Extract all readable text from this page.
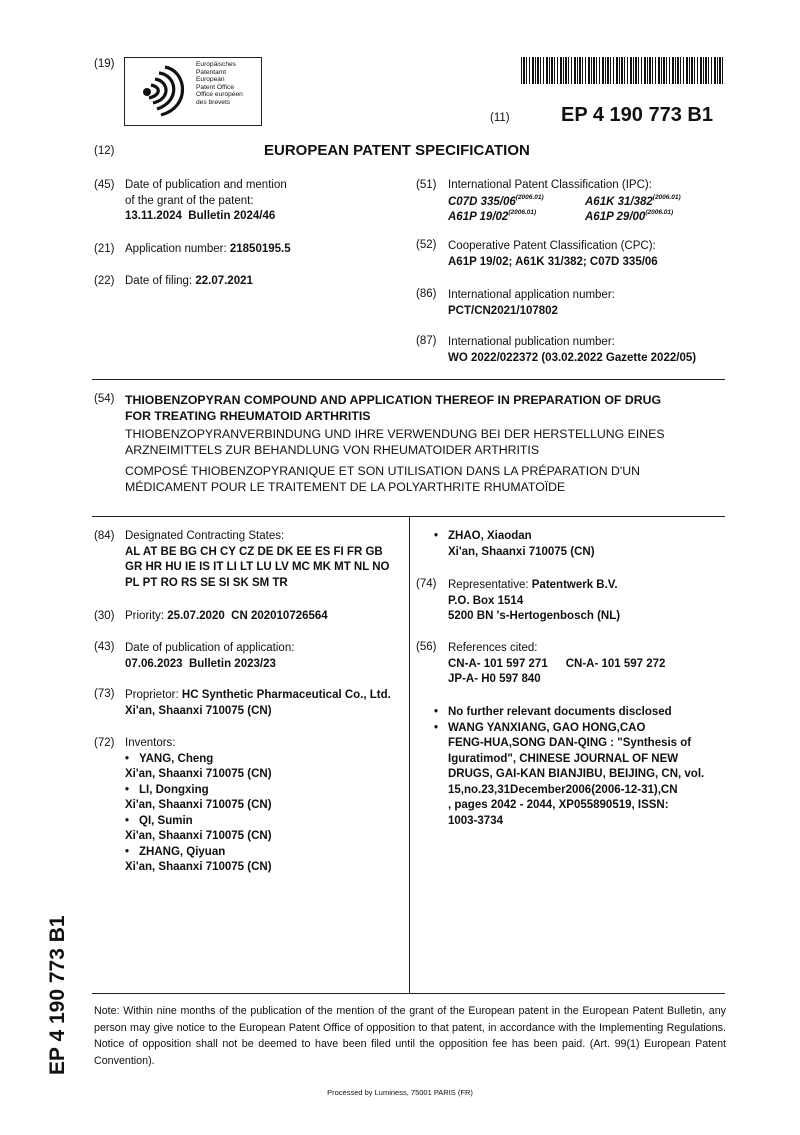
(19)	Europäisches
Patentamt
European
Patent Office
Office européen
des brevets
(11)	EP 4 190 773 B1
(12)	EUROPEAN PATENT SPECIFICATION
(45) Date of publication and mention
of the grant of the patent:
13.11.2024  Bulletin 2024/46
(21) Application number: 21850195.5
(22) Date of filing: 22.07.2021
(51) International Patent Classification (IPC):
C07D $335/06^{(2006.01)}$	A61K $31/382^{(2006.01)}$
A61P $19/02^{(2006.01)}$	A61P $29/00^{(2006.01)}$
(52) Cooperative Patent Classification (CPC):
A61P 19/02; A61K 31/382; C07D 335/06
(86) International application number:
PCT/CN2021/107802
(87) International publication number:
WO 2022/022372 (03.02.2022 Gazette 2022/05)
(54) THIOBENZOPYRAN COMPOUND AND APPLICATION THEREOF IN PREPARATION OF DRUG
FOR TREATING RHEUMATOID ARTHRITIS
THIOBENZOPYRANVERBINDUNG UND IHRE VERWENDUNG BEI DER HERSTELLUNG EINES
ARZNEIMITTELS ZUR BEHANDLUNG VON RHEUMATOIDER ARTHRITIS
COMPOSÉ THIOBENZOPYRANIQUE ET SON UTILISATION DANS LA PRÉPARATION D'UN
MÉDICAMENT POUR LE TRAITEMENT DE LA POLYARTHRITE RHUMATOÏDE
(84) Designated Contracting States:
AL AT BE BG CH CY CZ DE DK EE ES FI FR GB
GR HR HU IE IS IT LI LT LU LV MC MK MT NL NO
PL PT RO RS SE SI SK SM TR
(30) Priority: 25.07.2020  CN 202010726564
(43) Date of publication of application:
07.06.2023  Bulletin 2023/23
(73) Proprietor: HC Synthetic Pharmaceutical Co., Ltd.
Xi'an, Shaanxi 710075 (CN)
(72) Inventors:
• YANG, Cheng
Xi'an, Shaanxi 710075 (CN)
• LI, Dongxing
Xi'an, Shaanxi 710075 (CN)
• QI, Sumin
Xi'an, Shaanxi 710075 (CN)
• ZHANG, Qiyuan
Xi'an, Shaanxi 710075 (CN)
• ZHAO, Xiaodan
Xi'an, Shaanxi 710075 (CN)
(74) Representative: Patentwerk B.V.
P.O. Box 1514
5200 BN 's-Hertogenbosch (NL)
(56) References cited:
CN-A- 101 597 271 CN-A- 101 597 272
JP-A- H0 597 840
• No further relevant documents disclosed
• WANG YANXIANG, GAO HONG,CAO
FENG-HUA,SONG DAN-QING : "Synthesis of
Iguratimod", CHINESE JOURNAL OF NEW
DRUGS, GAI-KAN BIANJIBU, BEIJING, CN, vol.
15,no.23,31December2006(2006-12-31),CN
, pages 2042 - 2044, XP055890519, ISSN:
1003-3734
EP 4 190 773 B1 Note: Within nine months of the publication of the mention of the grant of the European patent in the European Patent Bulletin, any person may give notice to the European Patent Office of opposition to that patent, in accordance with the Implementing Regulations. Notice of opposition shall not be deemed to have been filed until the opposition fee has been paid. (Art. 99(1) European Patent Convention).
Processed by Luminess, 75001 PARIS (FR)
